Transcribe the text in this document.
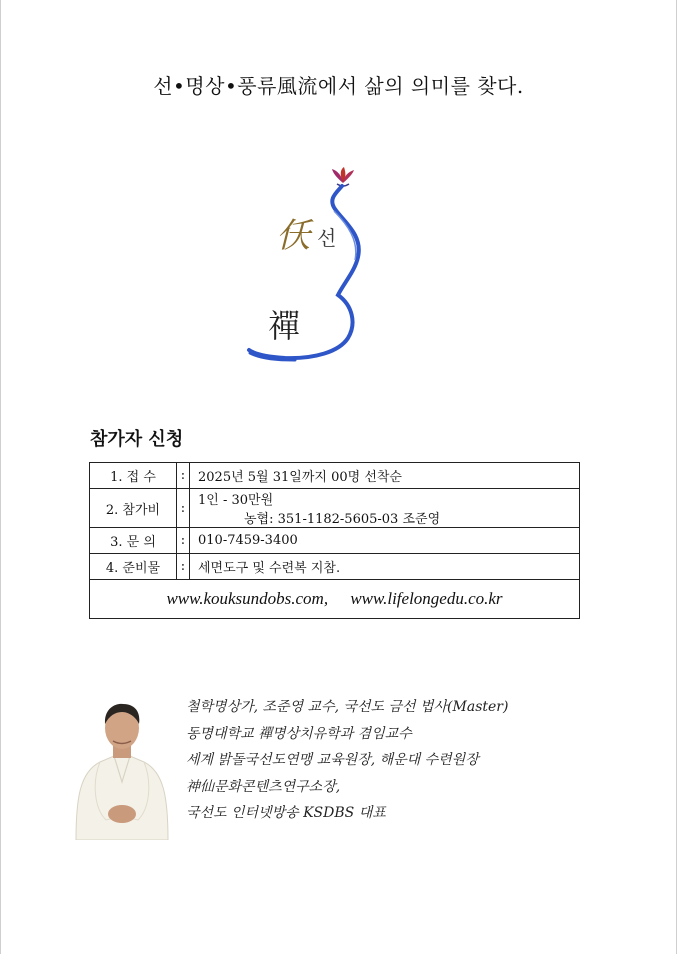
선•명상•풍류風流에서 삶의 의미를 찾다.
仸 선
禪
참가자 신청
1. 접 수	:	2025년 5월 31일까지 00명 선착순
2. 참가비	:	1인 - 30만원
농협: 351-1182-5605-03 조준영

3. 문 의	:	010-7459-3400
4. 준비물	:	세면도구 및 수련복 지참.
www.kouksundobs.com, www.lifelongedu.co.kr		
철학명상가, 조준영 교수, 국선도 금선 법사(Master)
동명대학교 禪명상치유학과 겸임교수
세계 밝돌국선도연맹 교육원장, 해운대 수련원장
神仙문화콘텐츠연구소장,
국선도 인터넷방송 KSDBS 대표
